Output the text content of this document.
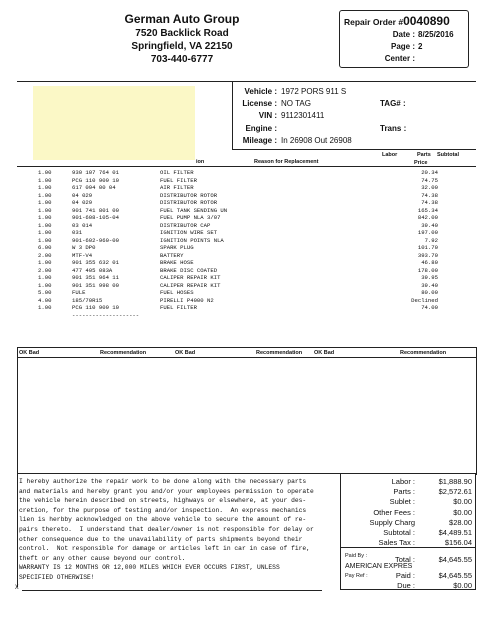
German Auto Group
7520 Backlick Road
Springfield, VA 22150
703-440-6777
Repair Order #0040890
Date : 8/25/2016
Page : 2
Center :
Vehicle : 1972 PORS 911 S
License : NO TAG	TAG# :
VIN : 9112301411
Engine :	Trans :
Mileage : In 26908 Out 26908
ion	Reason for Replacement
Labor	Parts Subtotal
Price
1.00	930 107 764 01	OIL FILTER	20.34
1.00	PCG 110 909 10	FUEL FILTER	74.75
1.00	617 094 00 04	AIR FILTER	32.00
1.00	04 029	DISTRIBUTOR ROTOR	74.38
1.00	04 029	DISTRIBUTOR ROTOR	74.38
1.00	901 741 801 00	FUEL TANK SENDING UN	165.34
1.00	901-608-105-04	FUEL PUMP NLA 3/07	842.00
1.00	03 014	DISTRIBUTOR CAP	39.40
1.00	031	IGNITION WIRE SET	197.00
1.00	901-602-960-00	IGNITION POINTS NLA	7.92
6.00	W 3 DP0	SPARK PLUG	101.70
2.00	MTF-V4	BATTERY	393.70
1.00	901 355 632 01	BRAKE HOSE	46.80
2.00	477 405 083A	BRAKE DISC COATED	178.00
1.00	901 351 964 11	CALIPER REPAIR KIT	39.95
1.00	901 351 998 00	CALIPER REPAIR KIT	39.40
5.00	FULE	FUEL HOSES	80.00
4.00	185/70R15	PIRELLI P4000 N2	Declined
1.00	PCG 110 909 10	FUEL FILTER	74.00
--------------------
OK Bad	Recommendation	OK Bad	Recommendation OK Bad	Recommendation
I hereby authorize the repair work to be done along with the necessary parts
and materials and hereby grant you and/or your employees permission to operate
the vehicle herein described on streets, highways or elsewhere, at your des-
cretion, for the purpose of testing and/or inspection.  An express mechanics
lien is herbby acknowledged on the above vehicle to secure the amount of re-
pairs thereto.  I understand that dealer/owner is not responsible for delay or
other consequence due to the unavailability of parts shipments beyond their
control.  Not responsible for damage or articles left in car in case of fire,
theft or any other cause beyond our control.
WARRANTY IS 12 MONTHS OR 12,000 MILES WHICH EVER OCCURS FIRST, UNLESS
SPECIFIED OTHERWISE!
X
Labor :	$1,888.90
Parts :	$2,572.61
Sublet :	$0.00
Other Fees :	$0.00
Supply Charg	$28.00
Subtotal :	$4,489.51
Sales Tax :	$156.04
Paid By :	Total :	$4,645.55
AMERICAN EXPRES
Pay Ref :	Paid :	$4,645.55
Due :	$0.00
